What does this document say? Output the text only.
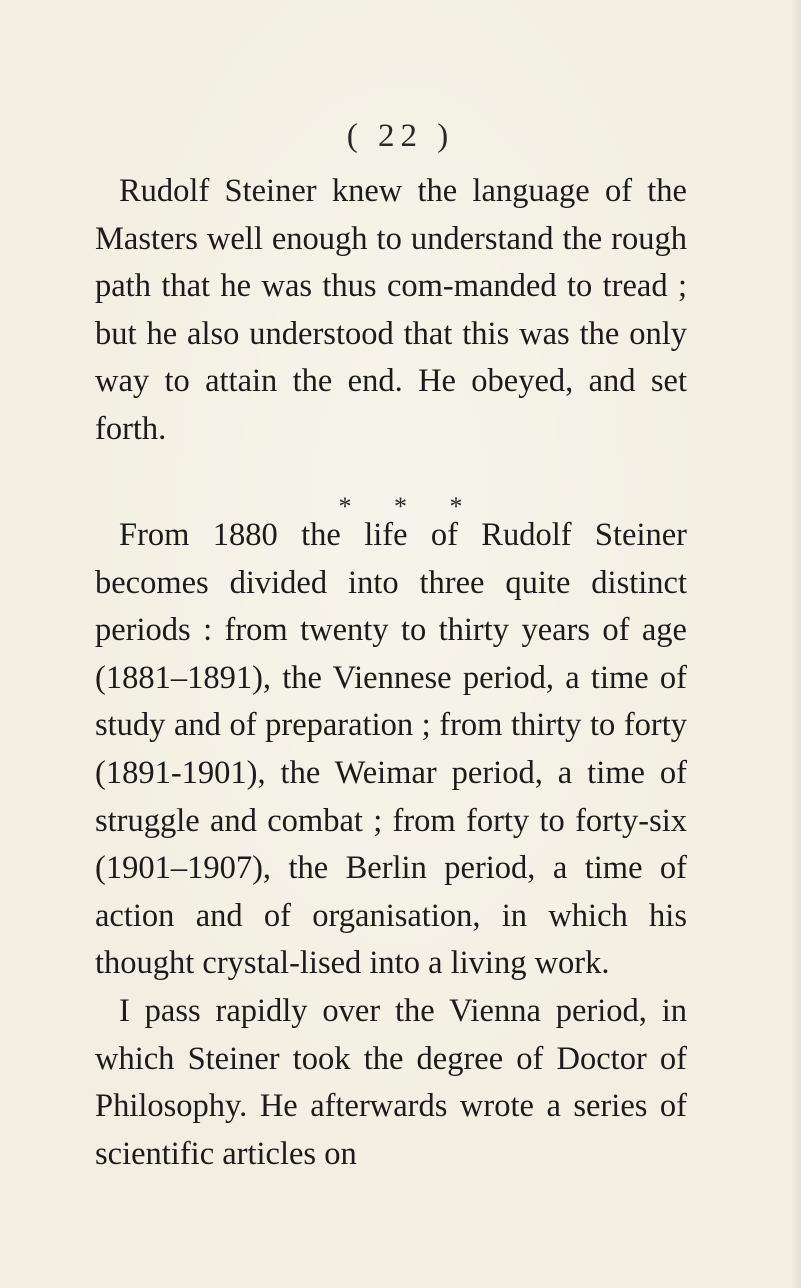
( 22 )

Rudolf Steiner knew the language of the Masters well enough to understand the rough path that he was thus com-manded to tread ; but he also understood that this was the only way to attain the end. He obeyed, and set forth.

* * *

From 1880 the life of Rudolf Steiner becomes divided into three quite distinct periods : from twenty to thirty years of age (1881–1891), the Viennese period, a time of study and of preparation ; from thirty to forty (1891-1901), the Weimar period, a time of struggle and combat ; from forty to forty-six (1901–1907), the Berlin period, a time of action and of organisation, in which his thought crystal-lised into a living work.

I pass rapidly over the Vienna period, in which Steiner took the degree of Doctor of Philosophy. He afterwards wrote a series of scientific articles on
